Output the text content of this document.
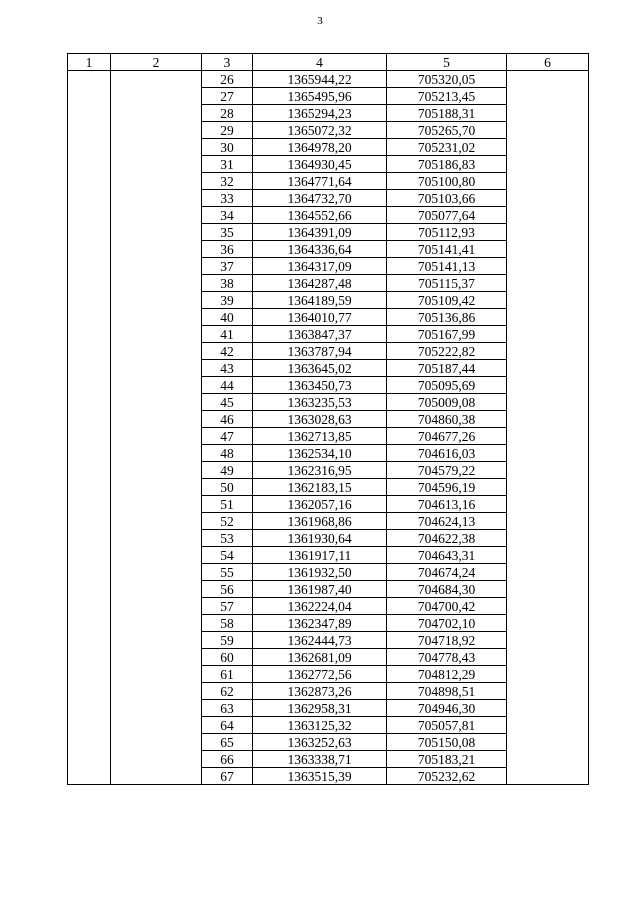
3
1	2	3	4	5	6
		26	1365944,22	705320,05	
		27	1365495,96	705213,45	
		28	1365294,23	705188,31	
		29	1365072,32	705265,70	
		30	1364978,20	705231,02	
		31	1364930,45	705186,83	
		32	1364771,64	705100,80	
		33	1364732,70	705103,66	
		34	1364552,66	705077,64	
		35	1364391,09	705112,93	
		36	1364336,64	705141,41	
		37	1364317,09	705141,13	
		38	1364287,48	705115,37	
		39	1364189,59	705109,42	
		40	1364010,77	705136,86	
		41	1363847,37	705167,99	
		42	1363787,94	705222,82	
		43	1363645,02	705187,44	
		44	1363450,73	705095,69	
		45	1363235,53	705009,08	
		46	1363028,63	704860,38	
		47	1362713,85	704677,26	
		48	1362534,10	704616,03	
		49	1362316,95	704579,22	
		50	1362183,15	704596,19	
		51	1362057,16	704613,16	
		52	1361968,86	704624,13	
		53	1361930,64	704622,38	
		54	1361917,11	704643,31	
		55	1361932,50	704674,24	
		56	1361987,40	704684,30	
		57	1362224,04	704700,42	
		58	1362347,89	704702,10	
		59	1362444,73	704718,92	
		60	1362681,09	704778,43	
		61	1362772,56	704812,29	
		62	1362873,26	704898,51	
		63	1362958,31	704946,30	
		64	1363125,32	705057,81	
		65	1363252,63	705150,08	
		66	1363338,71	705183,21	
		67	1363515,39	705232,62	
